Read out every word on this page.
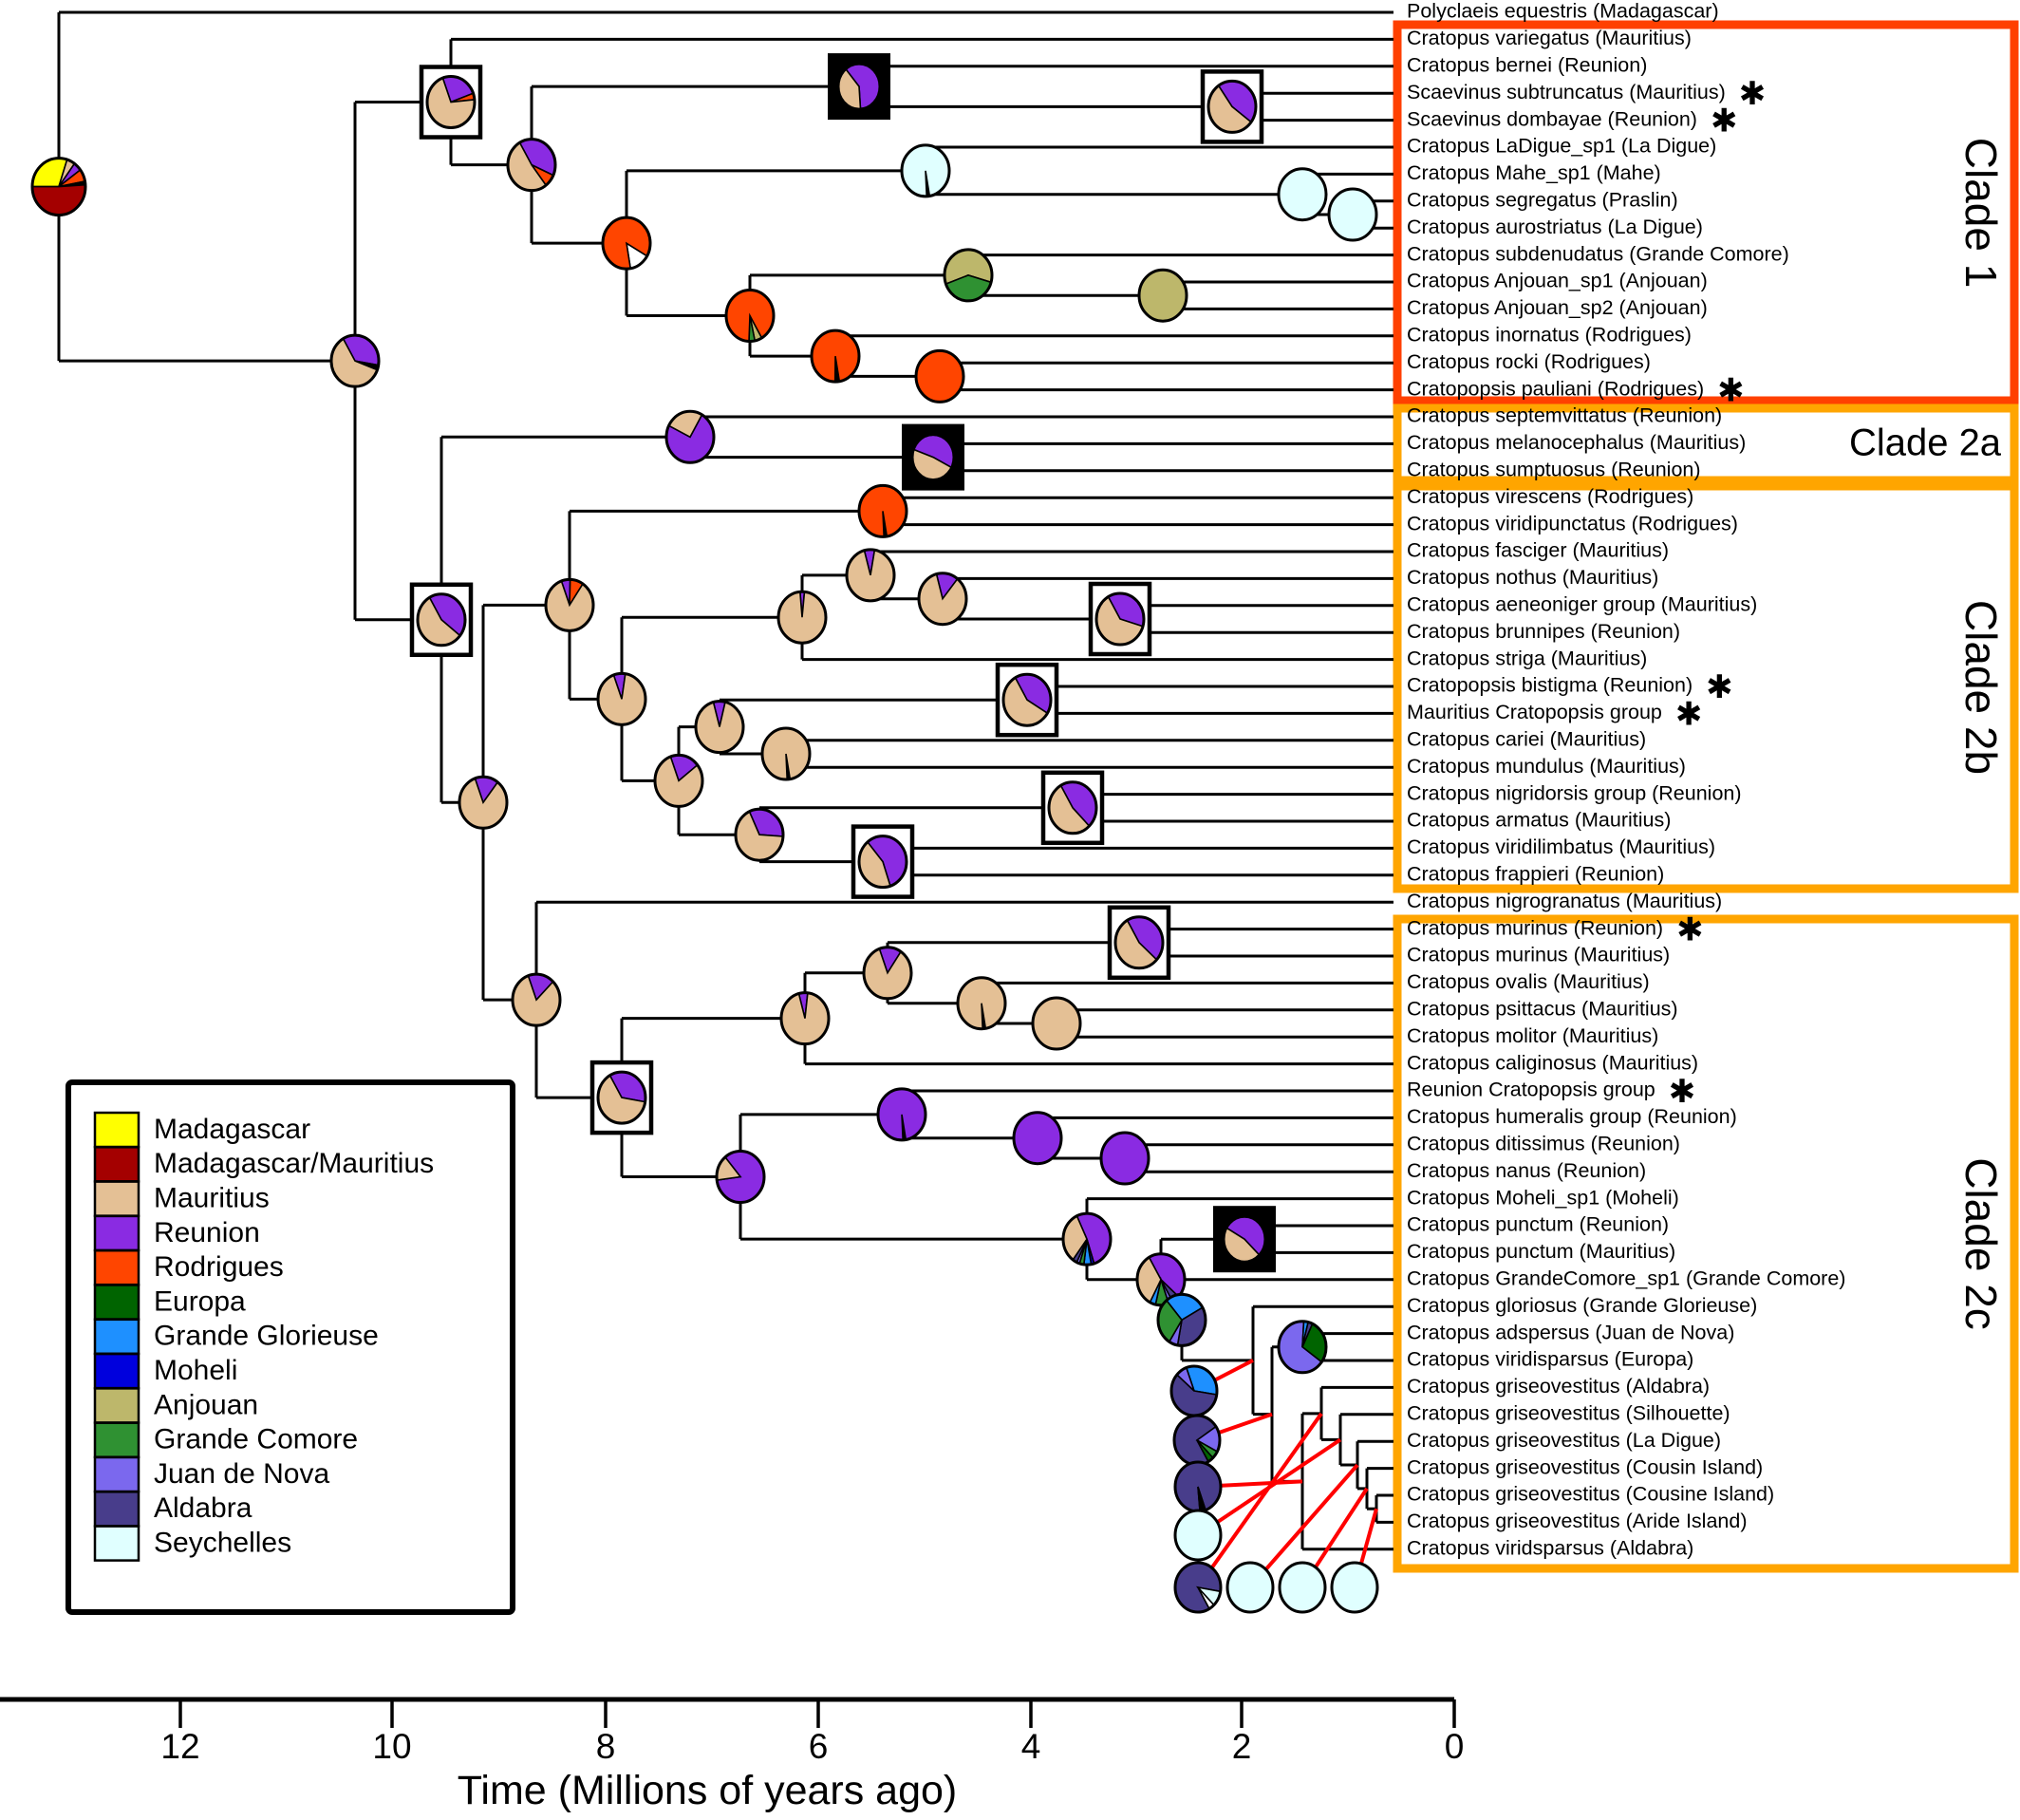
Clade 1
Clade 2a
Clade 2b
Clade 2c
Polyclaeis equestris (Madagascar)
Cratopus variegatus (Mauritius)
Cratopus bernei (Reunion)
Scaevinus subtruncatus (Mauritius) ✱
Scaevinus dombayae (Reunion) ✱
Cratopus LaDigue_sp1 (La Digue)
Cratopus Mahe_sp1 (Mahe)
Cratopus segregatus (Praslin)
Cratopus aurostriatus (La Digue)
Cratopus subdenudatus (Grande Comore)
Cratopus Anjouan_sp1 (Anjouan)
Cratopus Anjouan_sp2 (Anjouan)
Cratopus inornatus (Rodrigues)
Cratopus rocki (Rodrigues)
Cratopopsis pauliani (Rodrigues) ✱
Cratopus septemvittatus (Reunion)
Cratopus melanocephalus (Mauritius)
Cratopus sumptuosus (Reunion)
Cratopus virescens (Rodrigues)
Cratopus viridipunctatus (Rodrigues)
Cratopus fasciger (Mauritius)
Cratopus nothus (Mauritius)
Cratopus aeneoniger group (Mauritius)
Cratopus brunnipes (Reunion)
Cratopus striga (Mauritius)
Cratopopsis bistigma (Reunion) ✱
Mauritius Cratopopsis group ✱
Cratopus cariei (Mauritius)
Cratopus mundulus (Mauritius)
Cratopus nigridorsis group (Reunion)
Cratopus armatus (Mauritius)
Cratopus viridilimbatus (Mauritius)
Cratopus frappieri (Reunion)
Cratopus nigrogranatus (Mauritius)
Cratopus murinus (Reunion) ✱
Cratopus murinus (Mauritius)
Cratopus ovalis (Mauritius)
Cratopus psittacus (Mauritius)
Cratopus molitor (Mauritius)
Cratopus caliginosus (Mauritius)
Reunion Cratopopsis group ✱
Cratopus humeralis group (Reunion)
Cratopus ditissimus (Reunion)
Cratopus nanus (Reunion)
Cratopus Moheli_sp1 (Moheli)
Cratopus punctum (Reunion)
Cratopus punctum (Mauritius)
Cratopus GrandeComore_sp1 (Grande Comore)
Cratopus gloriosus (Grande Glorieuse)
Cratopus adspersus (Juan de Nova)
Cratopus viridisparsus (Europa)
Cratopus griseovestitus (Aldabra)
Cratopus griseovestitus (Silhouette)
Cratopus griseovestitus (La Digue)
Cratopus griseovestitus (Cousin Island)
Cratopus griseovestitus (Cousine Island)
Cratopus griseovestitus (Aride Island)
Cratopus viridsparsus (Aldabra)
Madagascar
Madagascar/Mauritius
Mauritius
Reunion
Rodrigues
Europa
Grande Glorieuse
Moheli
Anjouan
Grande Comore
Juan de Nova
Aldabra
Seychelles
12	10	8	6	4	2	0
Time (Millions of years ago)
